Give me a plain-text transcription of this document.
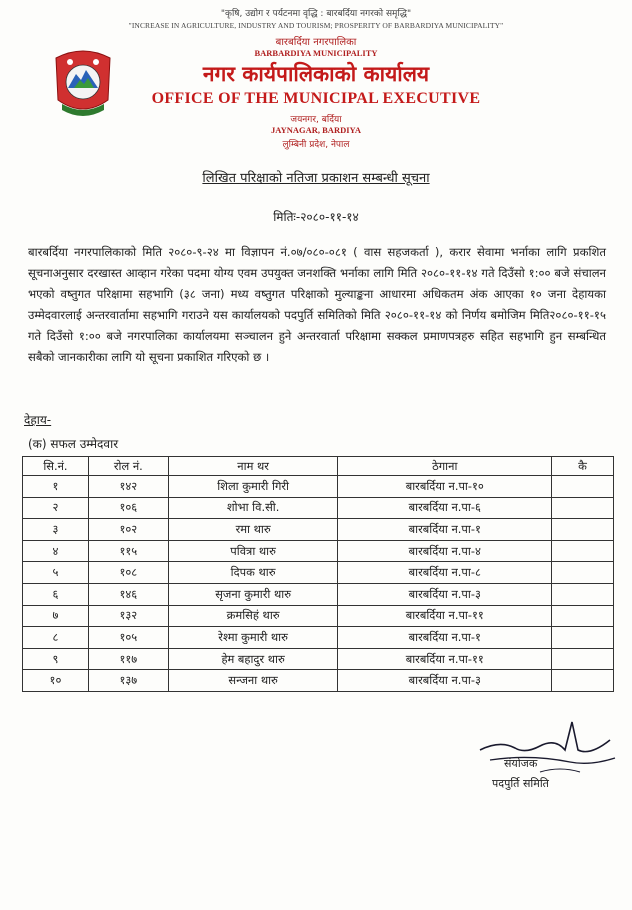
"कृषि, उद्योग र पर्यटनमा वृद्धि : बारबर्दिया नगरको समृद्धि"
"INCREASE IN AGRICULTURE, INDUSTRY AND TOURISM; PROSPERITY OF BARBARDIYA MUNICIPALITY"
बारबर्दिया नगरपालिका
BARBARDIYA MUNICIPALITY
नगर कार्यपालिकाको कार्यालय
OFFICE OF THE MUNICIPAL EXECUTIVE
जयनगर, बर्दिया
JAYNAGAR, BARDIYA
लुम्बिनी प्रदेश, नेपाल
लिखित परिक्षाको नतिजा प्रकाशन सम्बन्धी सूचना
मितिः-२०८०-११-१४
बारबर्दिया नगरपालिकाको मिति २०८०-९-२४ मा विज्ञापन नं.०७/०८०-०८१ ( वास सहजकर्ता ), करार सेवामा भर्नाका लागि प्रकशित सूचनाअनुसार दरखास्त आव्हान गरेका पदमा योग्य एवम उपयुक्त जनशक्ति भर्नाका लागि मिति २०८०-११-१४ गते दिउँसो १:०० बजे संचालन भएको वष्तुगत परिक्षामा सहभागि (३८ जना) मध्य वष्तुगत परिक्षाको मुल्याङ्कना आधारमा अधिकतम अंक आएका १० जना देहायका उम्मेदवारलाई अन्तरवार्तामा सहभागि गराउने यस कार्यालयको पदपुर्ति समितिको मिति २०८०-११-१४ को निर्णय बमोजिम मिति२०८०-११-१५ गते दिउँसो १:०० बजे नगरपालिका कार्यालयमा सञ्चालन हुने अन्तरवार्ता परिक्षामा सक्कल प्रमाणपत्रहरु सहित सहभागि हुन सम्बन्धित सबैको जानकारीका लागि यो सूचना प्रकाशित गरिएको छ ।
देहाय-
(क) सफल उम्मेदवार
सि.नं.	रोल नं.	नाम थर	ठेगाना	कै
१	१४२	शिला कुमारी गिरी	बारबर्दिया न.पा-१०	
२	१०६	शोभा वि.सी.	बारबर्दिया न.पा-६	
३	१०२	रमा थारु	बारबर्दिया न.पा-१	
४	११५	पवित्रा थारु	बारबर्दिया न.पा-४	
५	१०८	दिपक थारु	बारबर्दिया न.पा-८	
६	१४६	सृजना कुमारी थारु	बारबर्दिया न.पा-३	
७	१३२	क्रमसिहं थारु	बारबर्दिया न.पा-११	
८	१०५	रेश्मा कुमारी थारु	बारबर्दिया न.पा-१	
९	११७	हेम बहादुर थारु	बारबर्दिया न.पा-११	
१०	१३७	सन्जना थारु	बारबर्दिया न.पा-३	
संयोजक
पदपुर्ति समिति
